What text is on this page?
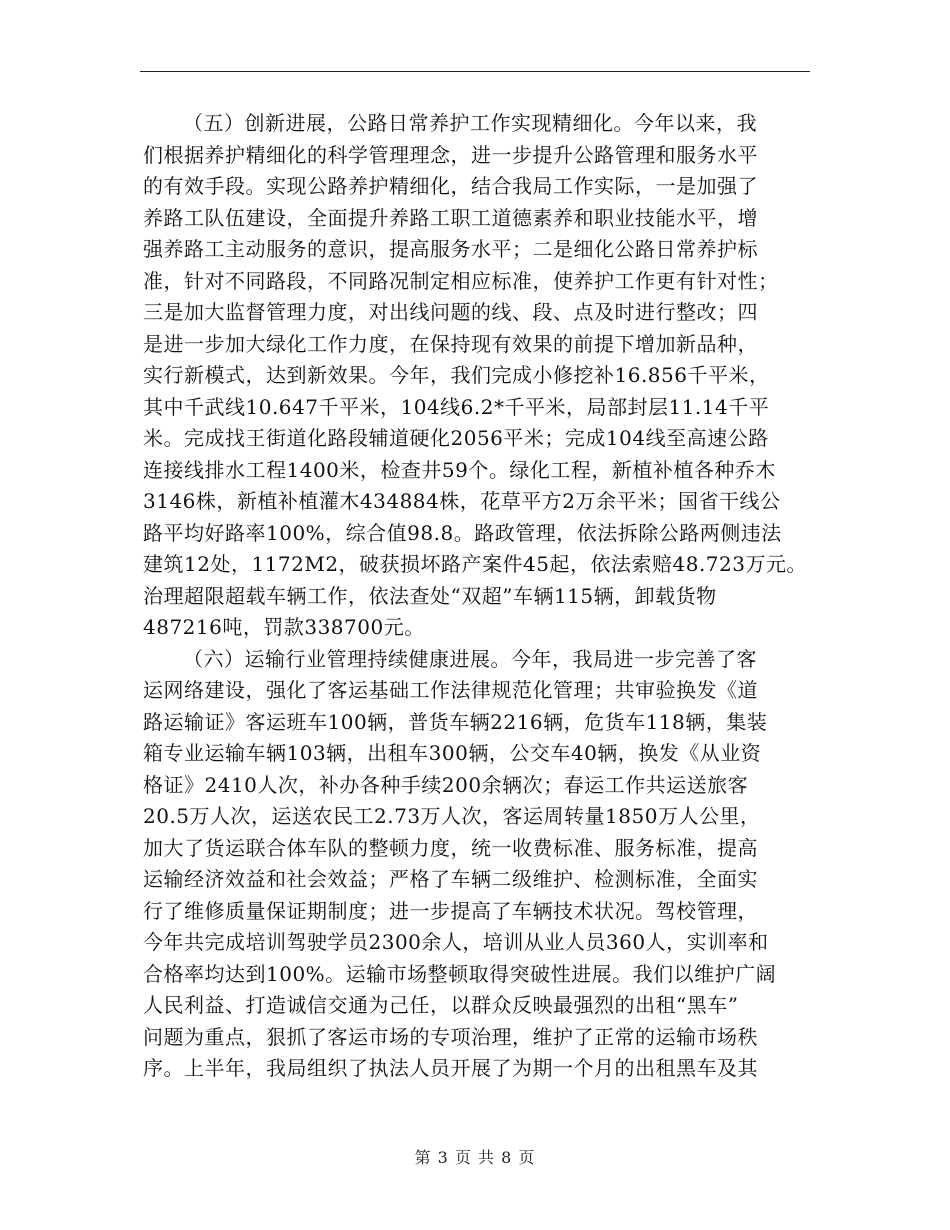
（五）创新进展，公路日常养护工作实现精细化。今年以来，我
们根据养护精细化的科学管理理念，进一步提升公路管理和服务水平
的有效手段。实现公路养护精细化，结合我局工作实际，一是加强了
养路工队伍建设，全面提升养路工职工道德素养和职业技能水平，增
强养路工主动服务的意识，提高服务水平；二是细化公路日常养护标
准，针对不同路段，不同路况制定相应标准，使养护工作更有针对性；
三是加大监督管理力度，对出线问题的线、段、点及时进行整改；四
是进一步加大绿化工作力度，在保持现有效果的前提下增加新品种，
实行新模式，达到新效果。今年，我们完成小修挖补16.856千平米，
其中千武线10.647千平米，104线6.2*千平米，局部封层11.14千平
米。完成找王街道化路段辅道硬化2056平米；完成104线至高速公路
连接线排水工程1400米，检查井59个。绿化工程，新植补植各种乔木
3146株，新植补植灌木434884株，花草平方2万余平米；国省干线公
路平均好路率100%，综合值98.8。路政管理，依法拆除公路两侧违法
建筑12处，1172M2，破获损坏路产案件45起，依法索赔48.723万元。
治理超限超载车辆工作，依法查处“双超”车辆115辆，卸载货物
487216吨，罚款338700元。
（六）运输行业管理持续健康进展。今年，我局进一步完善了客
运网络建设，强化了客运基础工作法律规范化管理；共审验换发《道
路运输证》客运班车100辆，普货车辆2216辆，危货车118辆，集装
箱专业运输车辆103辆，出租车300辆，公交车40辆，换发《从业资
格证》2410人次，补办各种手续200余辆次；春运工作共运送旅客
20.5万人次，运送农民工2.73万人次，客运周转量1850万人公里，
加大了货运联合体车队的整顿力度，统一收费标准、服务标准，提高
运输经济效益和社会效益；严格了车辆二级维护、检测标准，全面实
行了维修质量保证期制度；进一步提高了车辆技术状况。驾校管理，
今年共完成培训驾驶学员2300余人，培训从业人员360人，实训率和
合格率均达到100%。运输市场整顿取得突破性进展。我们以维护广阔
人民利益、打造诚信交通为己任，以群众反映最强烈的出租“黑车”
问题为重点，狠抓了客运市场的专项治理，维护了正常的运输市场秩
序。上半年，我局组织了执法人员开展了为期一个月的出租黑车及其
第 3 页 共 8 页
